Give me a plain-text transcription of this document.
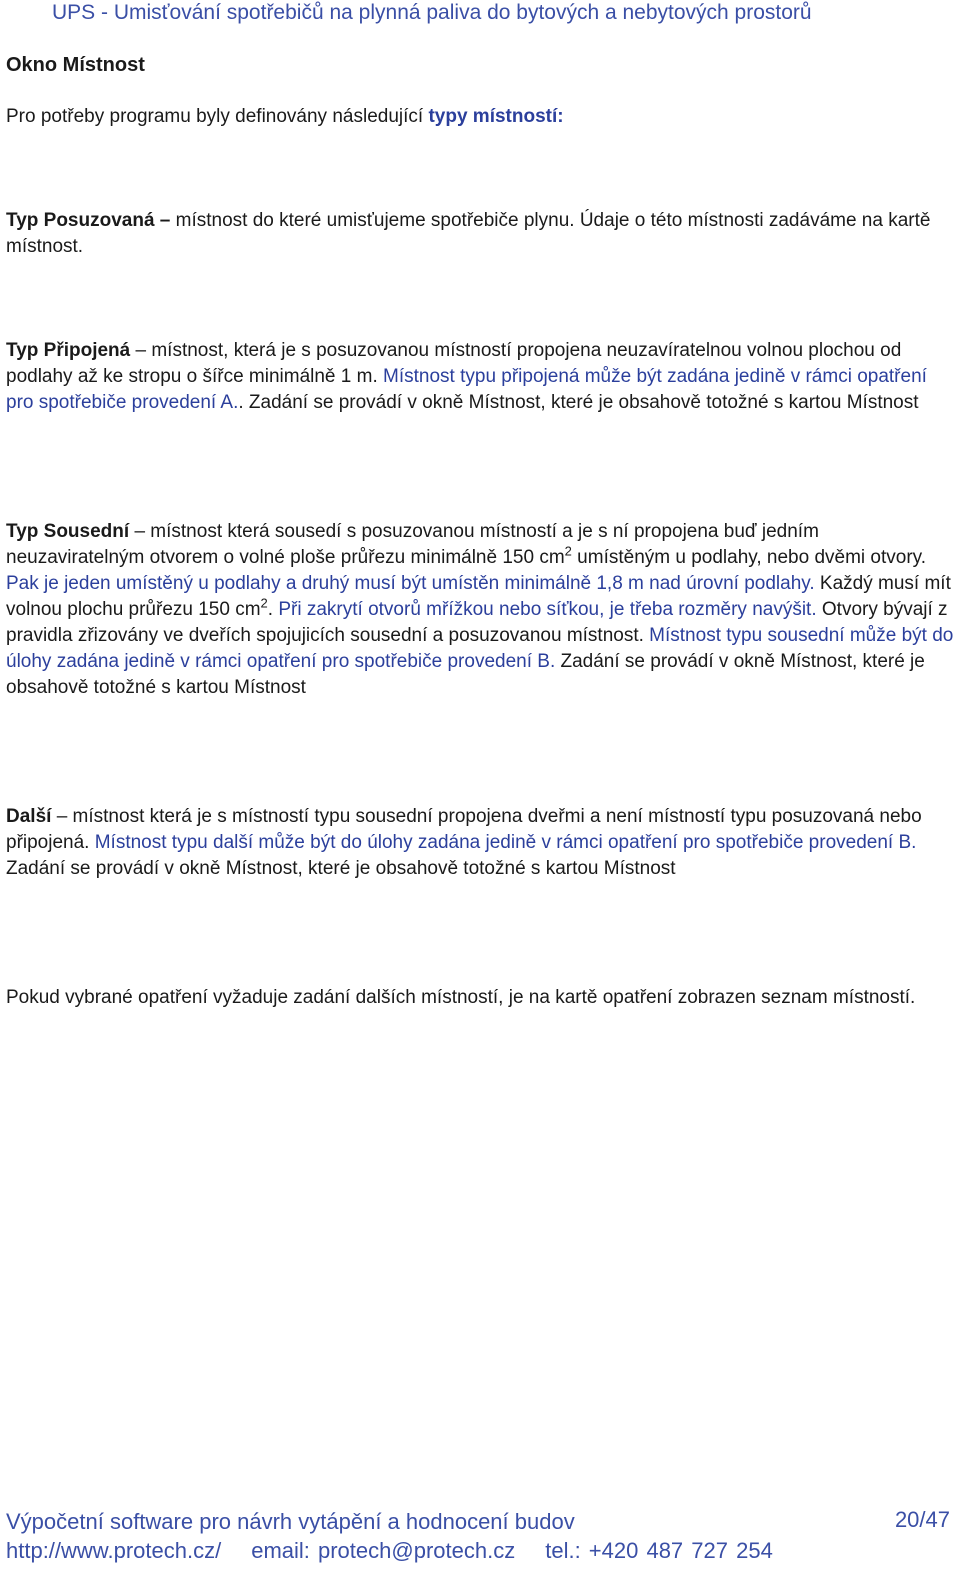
UPS - Umisťování spotřebičů na plynná paliva do bytových a nebytových prostorů
Okno Místnost
Pro potřeby programu byly definovány následující typy místností:
Typ Posuzovaná – místnost do které umisťujeme spotřebiče plynu. Údaje o této místnosti zadáváme na kartě místnost.
Typ Připojená – místnost, která je s posuzovanou místností propojena neuzavíratelnou volnou plochou od podlahy až ke stropu o šířce minimálně 1 m. Místnost typu připojená může být zadána jedině v rámci opatření pro spotřebiče provedení A.. Zadání se provádí v okně Místnost, které je obsahově totožné s kartou Místnost
Typ Sousední – místnost která sousedí s posuzovanou místností a je s ní propojena buď jedním neuzaviratelným otvorem o volné ploše průřezu minimálně 150 $cm^2$ umístěným u podlahy, nebo dvěmi otvory. Pak je jeden umístěný u podlahy a druhý musí být umístěn minimálně 1,8 m nad úrovní podlahy. Každý musí mít volnou plochu průřezu 150 $cm^2$. Při zakrytí otvorů mřížkou nebo síťkou, je třeba rozměry navýšit. Otvory bývají z pravidla zřizovány ve dveřích spojujicích sousední a posuzovanou místnost. Místnost typu sousední může být do úlohy zadána jedině v rámci opatření pro spotřebiče provedení B. Zadání se provádí v okně Místnost, které je obsahově totožné s kartou Místnost
Další – místnost která je s místností typu sousední propojena dveřmi a není místností typu posuzovaná nebo připojená. Místnost typu další může být do úlohy zadána jedině v rámci opatření pro spotřebiče provedení B. Zadání se provádí v okně Místnost, které je obsahově totožné s kartou Místnost
Pokud vybrané opatření vyžaduje zadání dalších místností, je na kartě opatření zobrazen seznam místností.
Výpočetní software pro návrh vytápění a hodnocení budov
http://www.protech.cz/ email: protech@protech.cz tel.: +420 487 727 254
20/47
